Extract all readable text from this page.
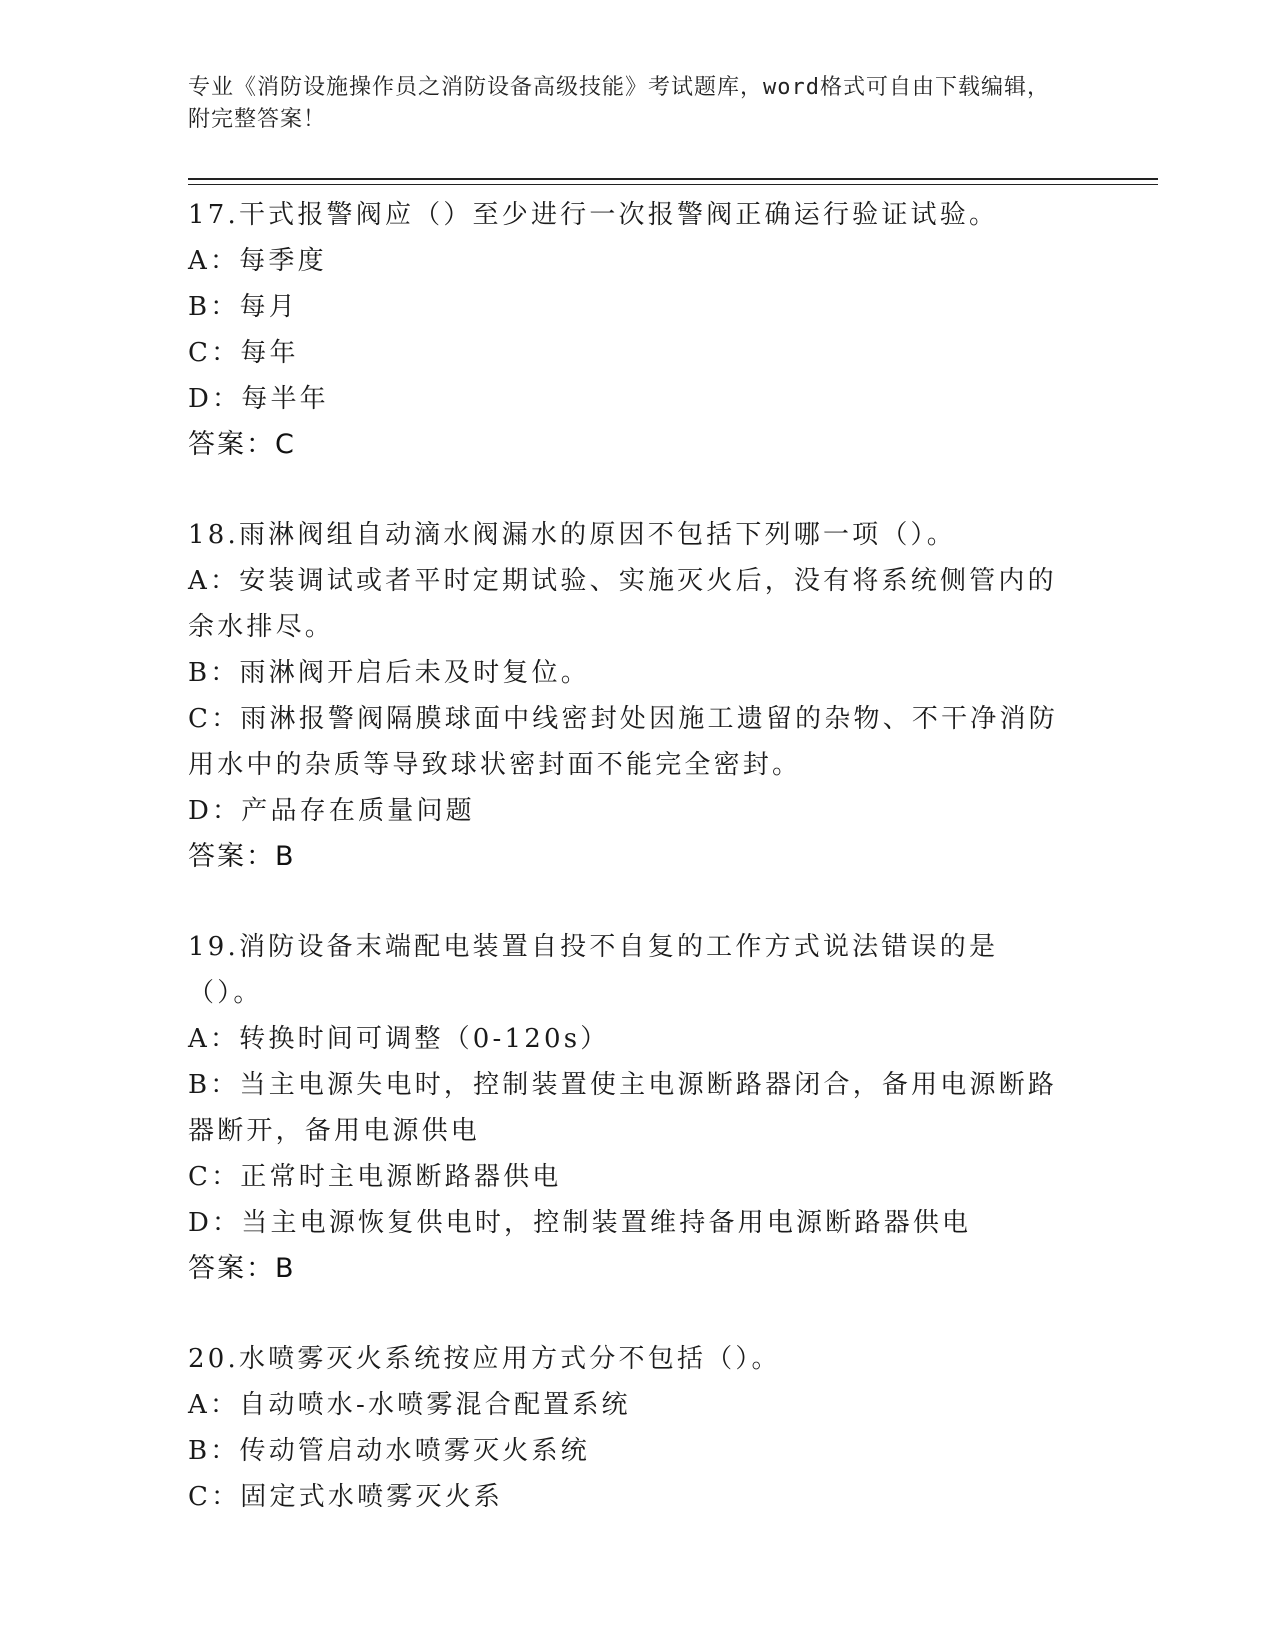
专业《消防设施操作员之消防设备高级技能》考试题库，word格式可自由下载编辑，附完整答案！

17.干式报警阀应（）至少进行一次报警阀正确运行验证试验。

A：每季度

B：每月

C：每年

D：每半年

答案：C

18.雨淋阀组自动滴水阀漏水的原因不包括下列哪一项（）。

A：安装调试或者平时定期试验、实施灭火后，没有将系统侧管内的余水排尽。

B：雨淋阀开启后未及时复位。

C：雨淋报警阀隔膜球面中线密封处因施工遗留的杂物、不干净消防用水中的杂质等导致球状密封面不能完全密封。

D：产品存在质量问题

答案：B

19.消防设备末端配电装置自投不自复的工作方式说法错误的是（）。

A：转换时间可调整（0-120s）

B：当主电源失电时，控制装置使主电源断路器闭合，备用电源断路器断开，备用电源供电

C：正常时主电源断路器供电

D：当主电源恢复供电时，控制装置维持备用电源断路器供电

答案：B

20.水喷雾灭火系统按应用方式分不包括（）。

A：自动喷水-水喷雾混合配置系统

B：传动管启动水喷雾灭火系统

C：固定式水喷雾灭火系
